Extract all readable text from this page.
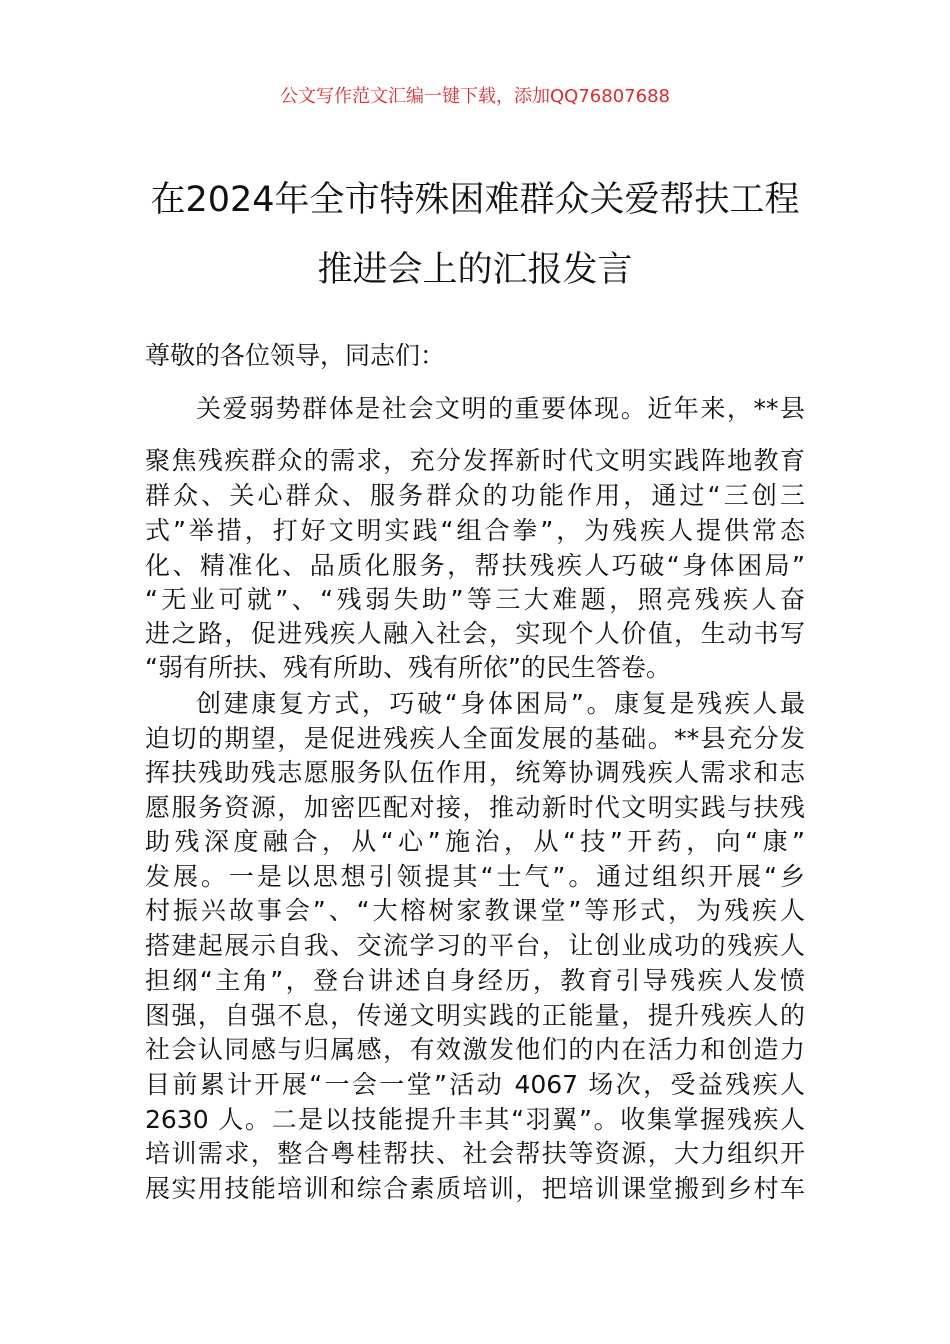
公文写作范文汇编一键下载，添加QQ76807688
在2024年全市特殊困难群众关爱帮扶工程
推进会上的汇报发言
尊敬的各位领导，同志们：
关爱弱势群体是社会文明的重要体现。近年来，**县
聚焦残疾群众的需求，充分发挥新时代文明实践阵地教育
群众、关心群众、服务群众的功能作用，通过“三创三
式”举措，打好文明实践“组合拳”，为残疾人提供常态
化、精准化、品质化服务，帮扶残疾人巧破“身体困局”
“无业可就”、“残弱失助”等三大难题，照亮残疾人奋
进之路，促进残疾人融入社会，实现个人价值，生动书写
“弱有所扶、残有所助、残有所依”的民生答卷。
创建康复方式，巧破“身体困局”。康复是残疾人最
迫切的期望，是促进残疾人全面发展的基础。**县充分发
挥扶残助残志愿服务队伍作用，统筹协调残疾人需求和志
愿服务资源，加密匹配对接，推动新时代文明实践与扶残
助残深度融合，从“心”施治，从“技”开药，向“康”
发展。一是以思想引领提其“士气”。通过组织开展“乡
村振兴故事会”、“大榕树家教课堂”等形式，为残疾人
搭建起展示自我、交流学习的平台，让创业成功的残疾人
担纲“主角”，登台讲述自身经历，教育引导残疾人发愤
图强，自强不息，传递文明实践的正能量，提升残疾人的
社会认同感与归属感，有效激发他们的内在活力和创造力
目前累计开展“一会一堂”活动 4067 场次，受益残疾人
2630 人。二是以技能提升丰其“羽翼”。收集掌握残疾人
培训需求，整合粤桂帮扶、社会帮扶等资源，大力组织开
展实用技能培训和综合素质培训，把培训课堂搬到乡村车
